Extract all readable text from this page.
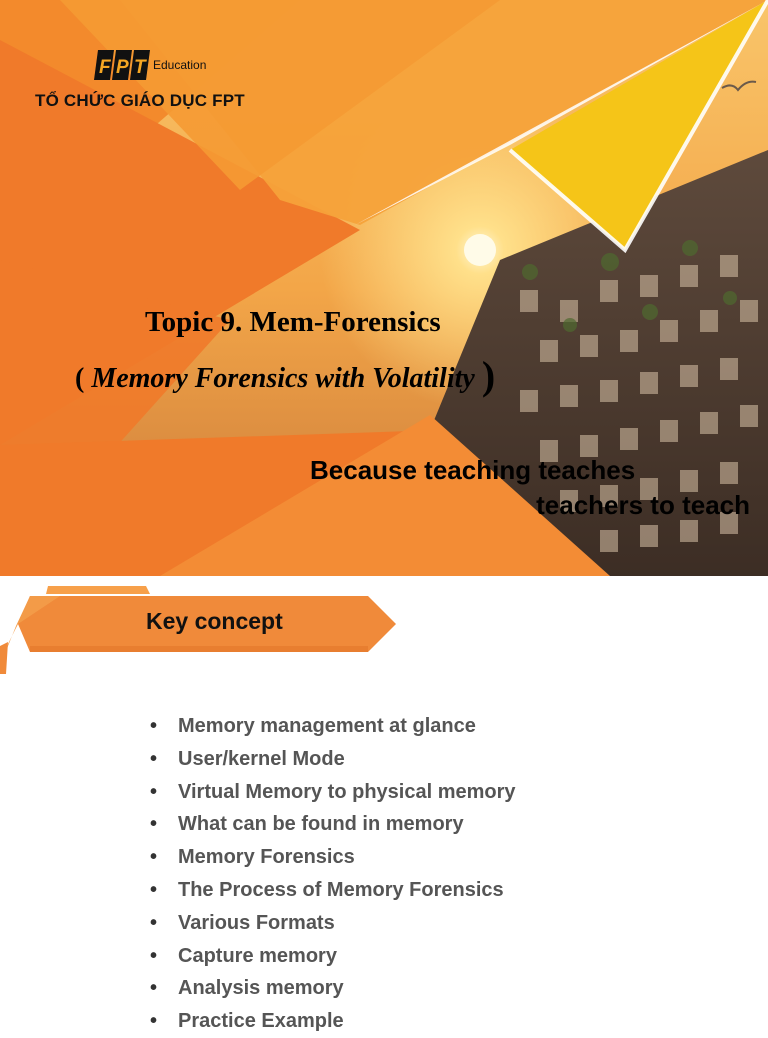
F P T Education
TỔ CHỨC GIÁO DỤC FPT
Topic 9. Mem-Forensics
( Memory Forensics with Volatility )
Because teaching teaches
teachers to teach
Key concept
• Memory management at glance
• User/kernel Mode
• Virtual Memory to physical memory
• What can be found in memory
• Memory Forensics
• The Process of Memory Forensics
• Various Formats
• Capture memory
• Analysis memory
• Practice Example
